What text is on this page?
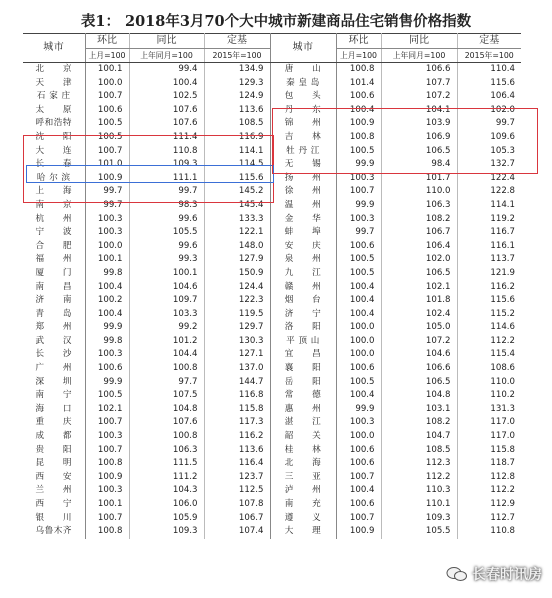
表1： 2018年3月70个大中城市新建商品住宅销售价格指数
城市	环比	同比	定基	城市	环比	同比	定基
	上月=100	上年同月=100	2015年=100		上月=100	上年同月=100	2015年=100
北　　京	100.1	99.4	134.9	唐　　山	100.8	106.6	110.4
天　　津	100.0	100.4	129.3	秦 皇 岛	101.4	107.7	115.6
石 家 庄	100.7	102.5	124.9	包　　头	100.6	107.2	106.4
太　　原	100.6	107.6	113.6	丹　　东	100.4	104.1	102.0
呼和浩特	100.5	107.6	108.5	锦　　州	100.9	103.9	99.7
沈　　阳	100.5	111.4	116.9	吉　　林	100.8	106.9	109.6
大　　连	100.7	110.8	114.1	牡 丹 江	100.5	106.5	105.3
长　　春	101.0	109.3	114.5	无　　锡	99.9	98.4	132.7
哈 尔 滨	100.9	111.1	115.6	扬　　州	100.3	101.7	122.4
上　　海	99.7	99.7	145.2	徐　　州	100.7	110.0	122.8
南　　京	99.7	98.3	145.4	温　　州	99.9	106.3	114.1
杭　　州	100.3	99.6	133.3	金　　华	100.3	108.2	119.2
宁　　波	100.3	105.5	122.1	蚌　　埠	99.7	106.7	116.7
合　　肥	100.0	99.6	148.0	安　　庆	100.6	106.4	116.1
福　　州	100.1	99.3	127.9	泉　　州	100.5	102.0	113.7
厦　　门	99.8	100.1	150.9	九　　江	100.5	106.5	121.9
南　　昌	100.4	104.6	124.4	赣　　州	100.4	102.1	116.2
济　　南	100.2	109.7	122.3	烟　　台	100.4	101.8	115.6
青　　岛	100.4	103.3	119.5	济　　宁	100.4	102.4	115.2
郑　　州	99.9	99.2	129.7	洛　　阳	100.0	105.0	114.6
武　　汉	99.8	101.2	130.3	平 顶 山	100.0	107.2	112.2
长　　沙	100.3	104.4	127.1	宜　　昌	100.0	104.6	115.4
广　　州	100.6	100.8	137.0	襄　　阳	100.6	106.6	108.6
深　　圳	99.9	97.7	144.7	岳　　阳	100.5	106.5	110.0
南　　宁	100.5	107.5	116.8	常　　德	100.4	104.8	110.2
海　　口	102.1	104.8	115.8	惠　　州	99.9	103.1	131.3
重　　庆	100.7	107.6	117.3	湛　　江	100.3	108.2	117.0
成　　都	100.3	100.8	116.2	韶　　关	100.0	104.7	117.0
贵　　阳	100.7	106.3	113.6	桂　　林	100.6	108.5	115.8
昆　　明	100.8	111.5	116.4	北　　海	100.6	112.3	118.7
西　　安	100.9	111.2	123.7	三　　亚	100.7	112.2	112.8
兰　　州	100.3	104.3	112.5	泸　　州	100.4	110.3	112.2
西　　宁	100.1	106.0	107.8	南　　充	100.6	110.1	112.9
银　　川	100.7	105.9	106.7	遵　　义	100.7	109.3	112.7
乌鲁木齐	100.8	109.3	107.4	大　　理	100.9	105.5	110.8
长春时讯房
